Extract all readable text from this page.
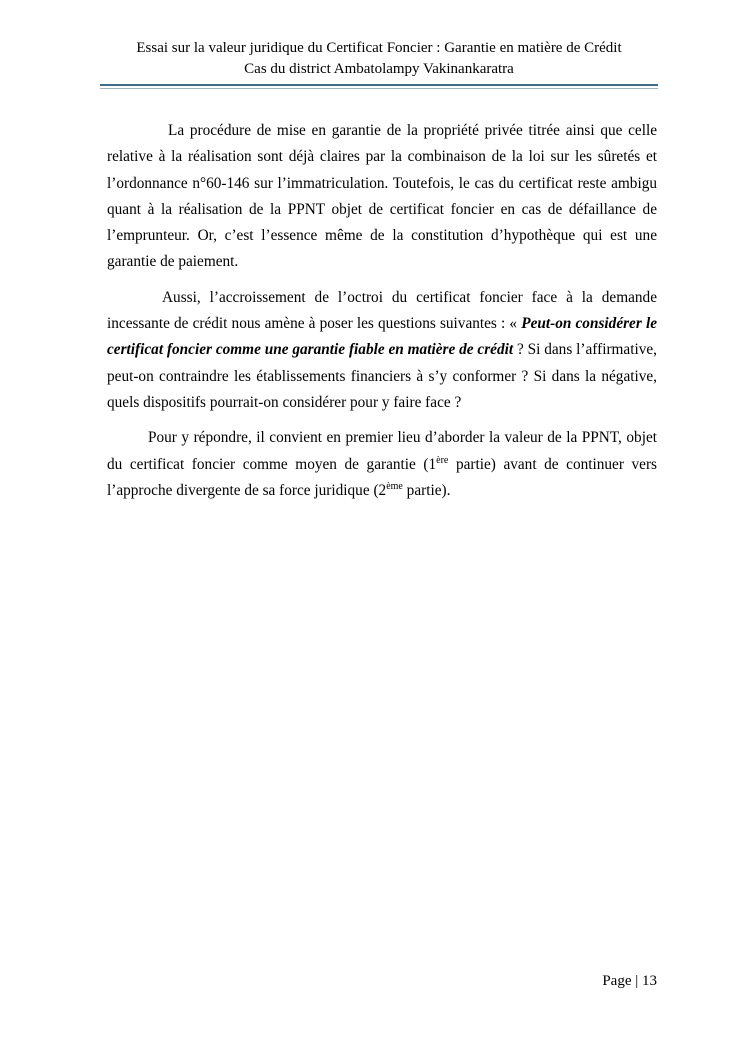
Essai sur la valeur juridique du Certificat Foncier : Garantie en matière de Crédit
Cas du district Ambatolampy Vakinankaratra

La procédure de mise en garantie de la propriété privée titrée ainsi que celle relative à la réalisation sont déjà claires par la combinaison de la loi sur les sûretés et l’ordonnance n°60-146 sur l’immatriculation. Toutefois, le cas du certificat reste ambigu quant à la réalisation de la PPNT objet de certificat foncier en cas de défaillance de l’emprunteur. Or, c’est l’essence même de la constitution d’hypothèque qui est une garantie de paiement.

Aussi, l’accroissement de l’octroi du certificat foncier face à la demande incessante de crédit nous amène à poser les questions suivantes : « Peut-on considérer le certificat foncier comme une garantie fiable en matière de crédit ? Si dans l’affirmative, peut-on contraindre les établissements financiers à s’y conformer ? Si dans la négative, quels dispositifs pourrait-on considérer pour y faire face ?

Pour y répondre, il convient en premier lieu d’aborder la valeur de la PPNT, objet du certificat foncier comme moyen de garantie (1ère partie) avant de continuer vers l’approche divergente de sa force juridique (2ème partie).

Page | 13
